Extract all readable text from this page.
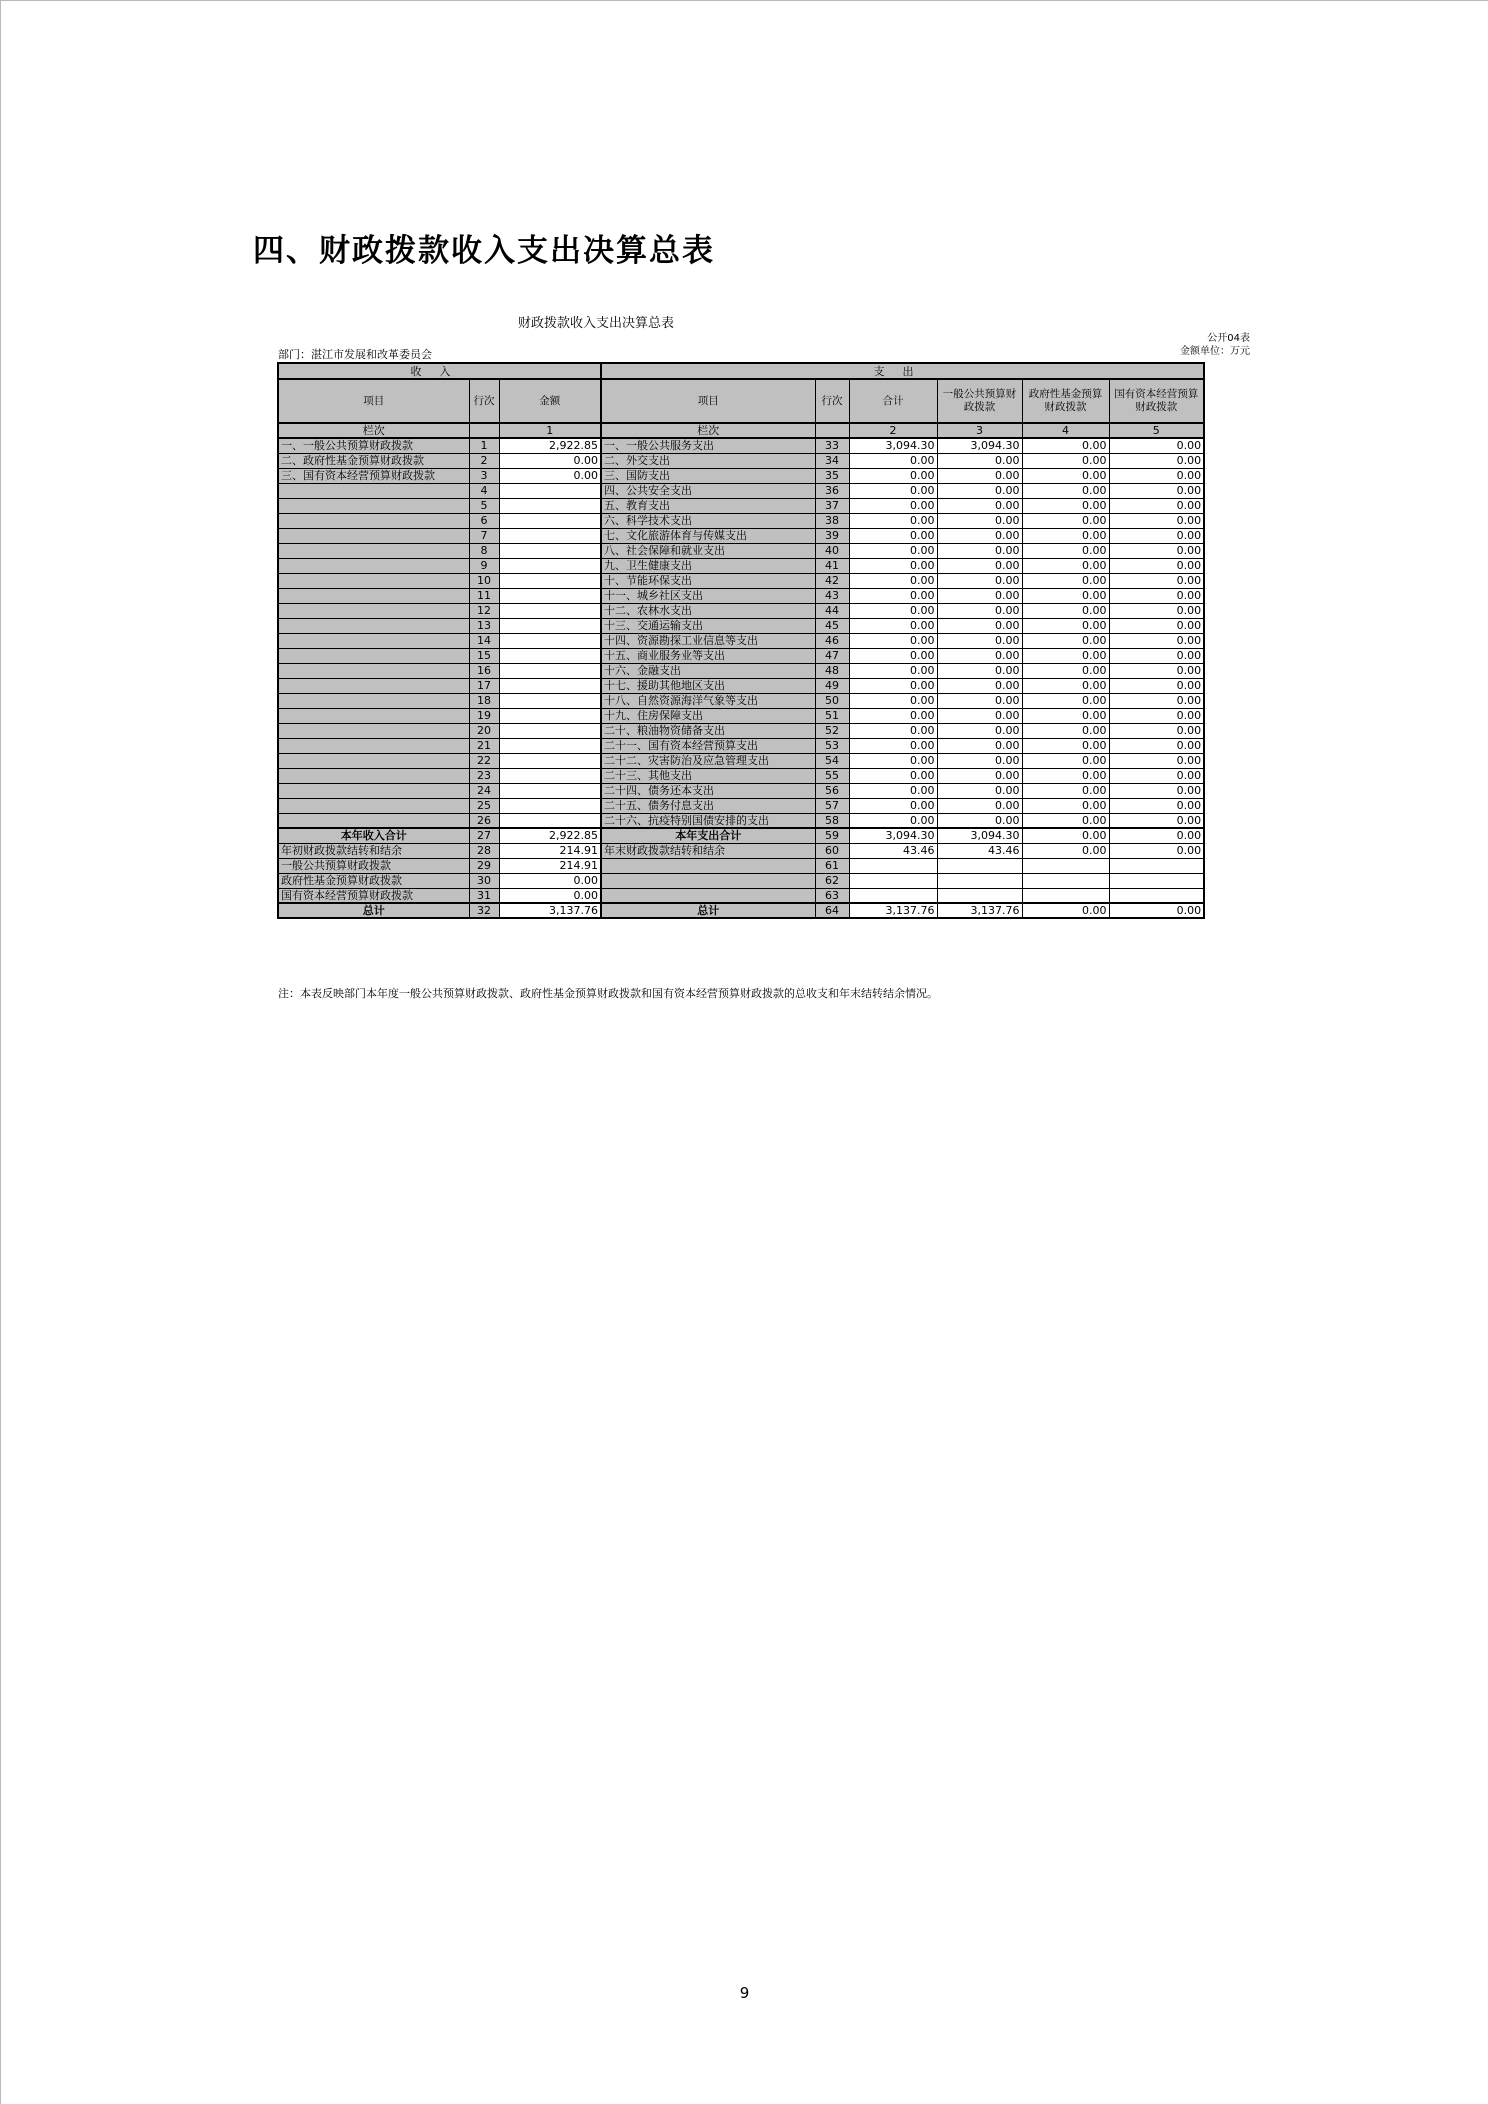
四、财政拨款收入支出决算总表
财政拨款收入支出决算总表
公开04表
金额单位：万元
部门：湛江市发展和改革委员会
收入			支出					
项目	行次	金额	项目	行次	合计	一般公共预算财政拨款	政府性基金预算财政拨款	国有资本经营预算财政拨款
栏次		1	栏次		2	3	4	5
一、一般公共预算财政拨款	1	2,922.85	一、一般公共服务支出	33	3,094.30	3,094.30	0.00	0.00
二、政府性基金预算财政拨款	2	0.00	二、外交支出	34	0.00	0.00	0.00	0.00
三、国有资本经营预算财政拨款	3	0.00	三、国防支出	35	0.00	0.00	0.00	0.00
	4		四、公共安全支出	36	0.00	0.00	0.00	0.00
	5		五、教育支出	37	0.00	0.00	0.00	0.00
	6		六、科学技术支出	38	0.00	0.00	0.00	0.00
	7		七、文化旅游体育与传媒支出	39	0.00	0.00	0.00	0.00
	8		八、社会保障和就业支出	40	0.00	0.00	0.00	0.00
	9		九、卫生健康支出	41	0.00	0.00	0.00	0.00
	10		十、节能环保支出	42	0.00	0.00	0.00	0.00
	11		十一、城乡社区支出	43	0.00	0.00	0.00	0.00
	12		十二、农林水支出	44	0.00	0.00	0.00	0.00
	13		十三、交通运输支出	45	0.00	0.00	0.00	0.00
	14		十四、资源勘探工业信息等支出	46	0.00	0.00	0.00	0.00
	15		十五、商业服务业等支出	47	0.00	0.00	0.00	0.00
	16		十六、金融支出	48	0.00	0.00	0.00	0.00
	17		十七、援助其他地区支出	49	0.00	0.00	0.00	0.00
	18		十八、自然资源海洋气象等支出	50	0.00	0.00	0.00	0.00
	19		十九、住房保障支出	51	0.00	0.00	0.00	0.00
	20		二十、粮油物资储备支出	52	0.00	0.00	0.00	0.00
	21		二十一、国有资本经营预算支出	53	0.00	0.00	0.00	0.00
	22		二十二、灾害防治及应急管理支出	54	0.00	0.00	0.00	0.00
	23		二十三、其他支出	55	0.00	0.00	0.00	0.00
	24		二十四、债务还本支出	56	0.00	0.00	0.00	0.00
	25		二十五、债务付息支出	57	0.00	0.00	0.00	0.00
	26		二十六、抗疫特别国债安排的支出	58	0.00	0.00	0.00	0.00
本年收入合计	27	2,922.85	本年支出合计	59	3,094.30	3,094.30	0.00	0.00
年初财政拨款结转和结余	28	214.91	年末财政拨款结转和结余	60	43.46	43.46	0.00	0.00
一般公共预算财政拨款	29	214.91		61				
政府性基金预算财政拨款	30	0.00		62				
国有资本经营预算财政拨款	31	0.00		63				
总计	32	3,137.76	总计	64	3,137.76	3,137.76	0.00	0.00
注：本表反映部门本年度一般公共预算财政拨款、政府性基金预算财政拨款和国有资本经营预算财政拨款的总收支和年末结转结余情况。
9
